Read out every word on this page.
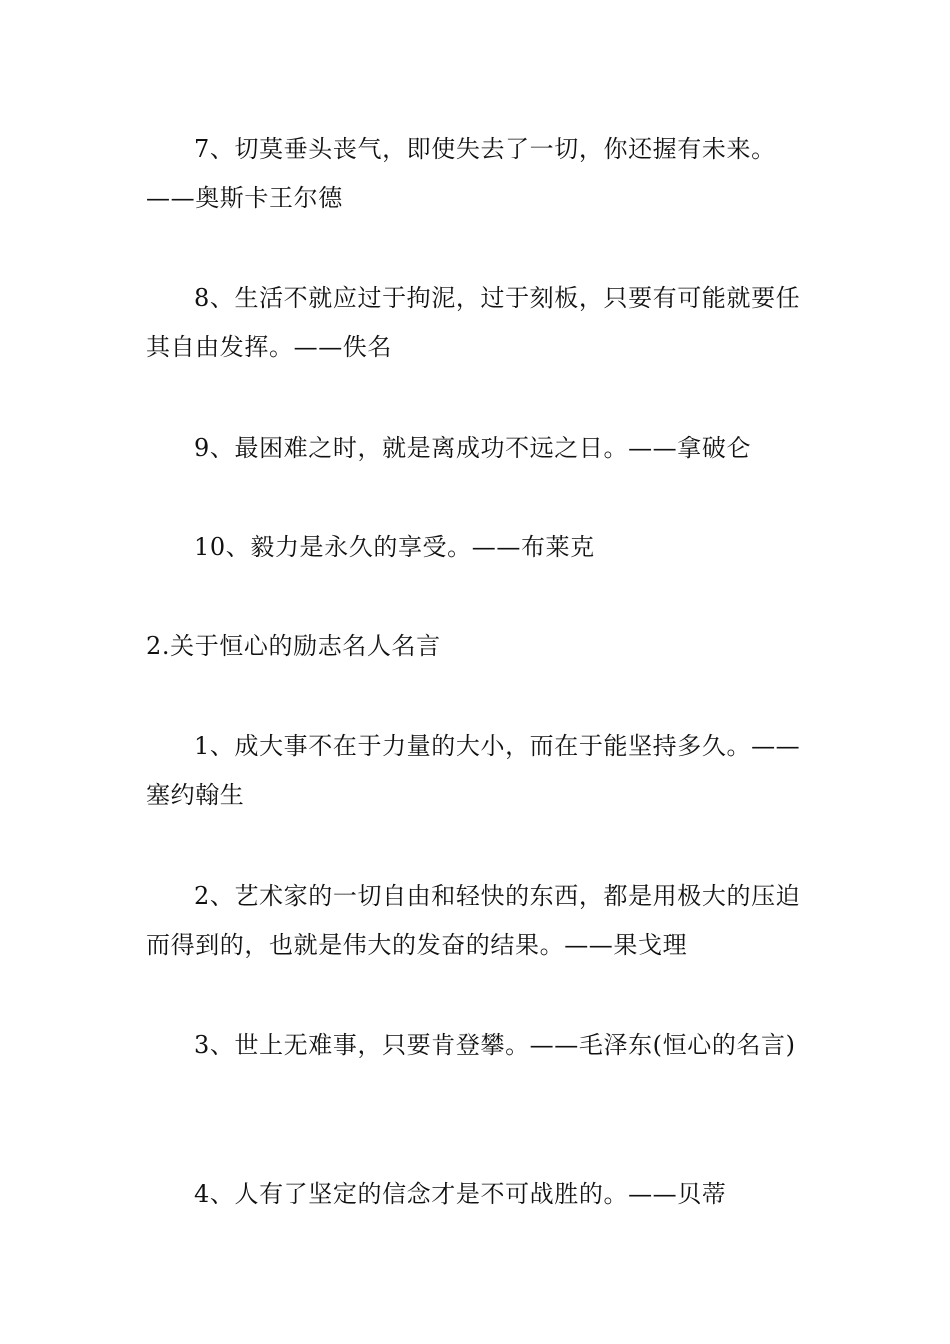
7、切莫垂头丧气，即使失去了一切，你还握有未来。——奥斯卡王尔德

8、生活不就应过于拘泥，过于刻板，只要有可能就要任其自由发挥。——佚名

9、最困难之时，就是离成功不远之日。——拿破仑

10、毅力是永久的享受。——布莱克

2.关于恒心的励志名人名言

1、成大事不在于力量的大小，而在于能坚持多久。——塞约翰生

2、艺术家的一切自由和轻快的东西，都是用极大的压迫而得到的，也就是伟大的发奋的结果。——果戈理

3、世上无难事，只要肯登攀。——毛泽东(恒心的名言)

4、人有了坚定的信念才是不可战胜的。——贝蒂
